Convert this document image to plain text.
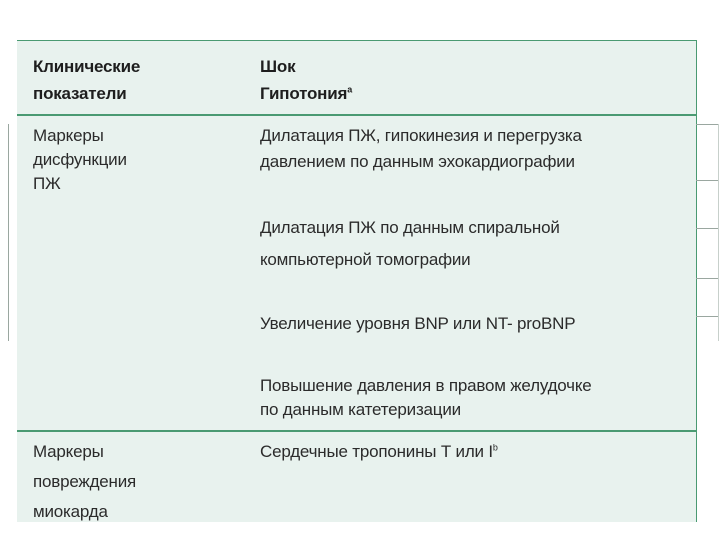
Клинические
показатели
Шок
Гипотония$^a$
Маркеры
дисфункции
ПЖ
Дилатация ПЖ, гипокинезия и перегрузка
давлением по данным эхокардиографии
Дилатация ПЖ по данным спиральной
компьютерной томографии
Увеличение уровня BNP или NT- proBNP
Повышение давления в правом желудочке
по данным катетеризации
Маркеры
повреждения
миокарда
Сердечные тропонины Т или $I^b$
